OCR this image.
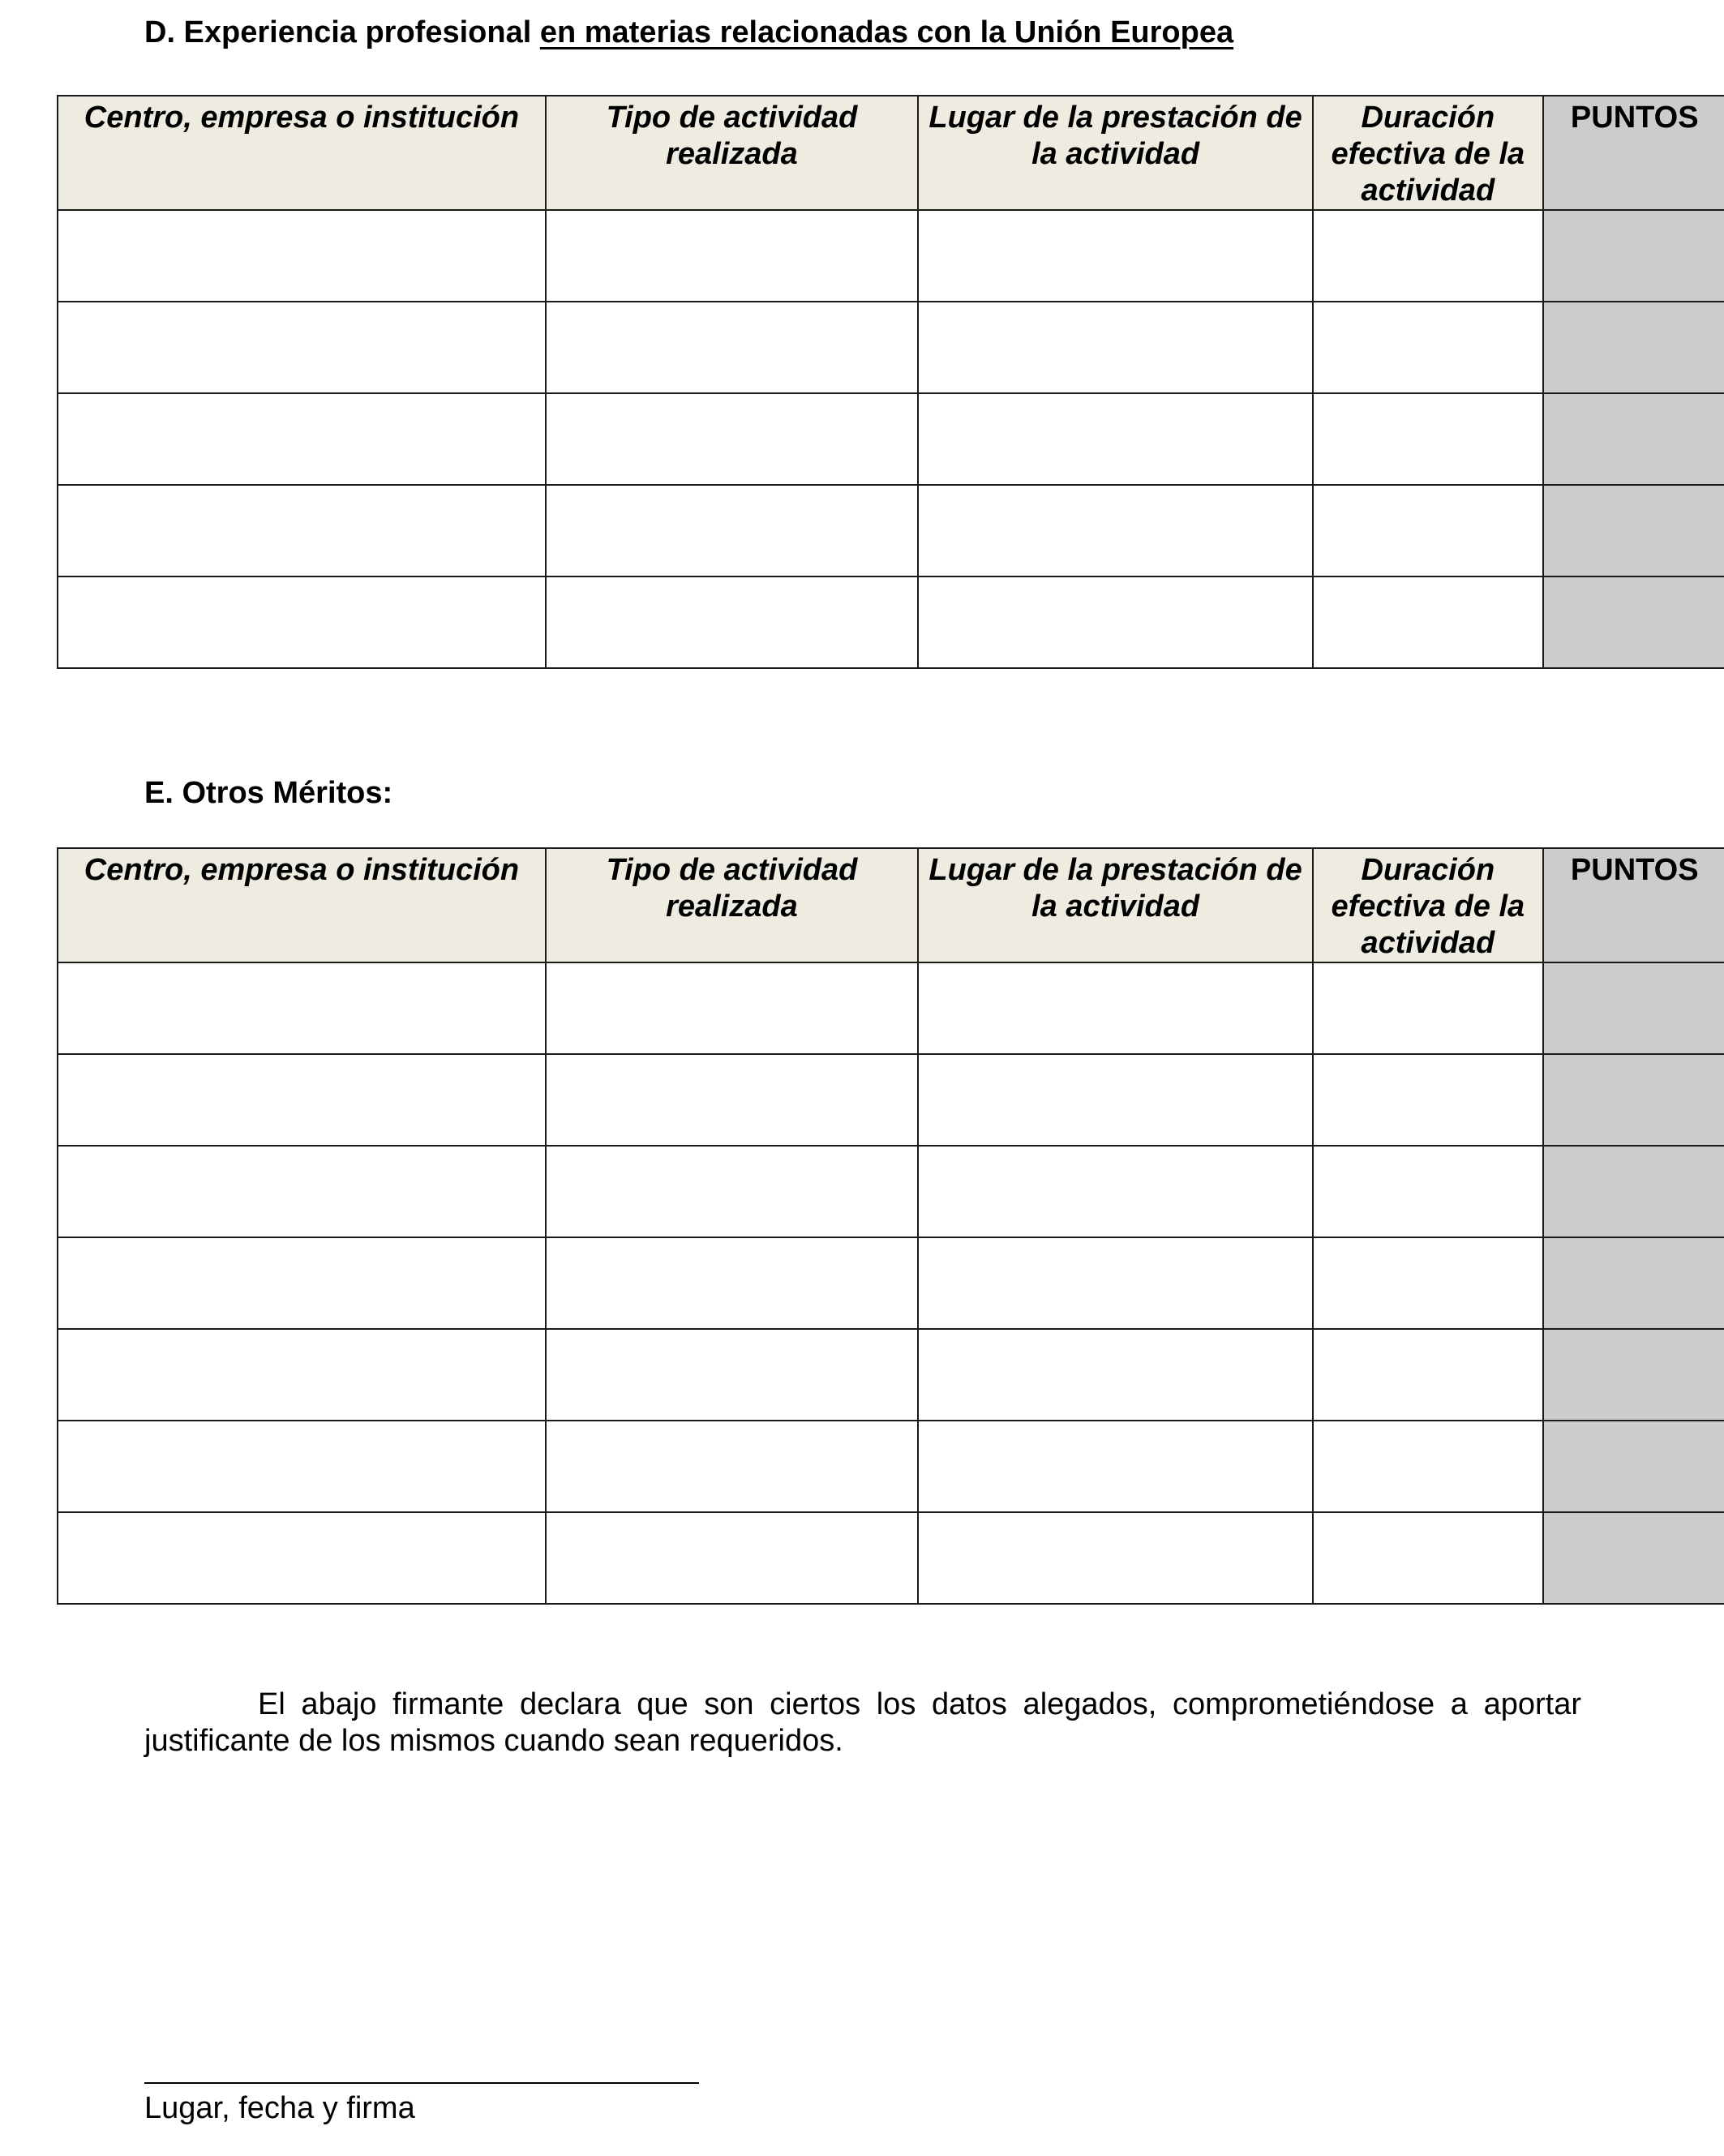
D. Experiencia profesional en materias relacionadas con la Unión Europea
Centro, empresa o institución	Tipo de actividad realizada	Lugar de la prestación de la actividad	Duración efectiva de la actividad	PUNTOS

E. Otros Méritos:
Centro, empresa o institución	Tipo de actividad realizada	Lugar de la prestación de la actividad	Duración efectiva de la actividad	PUNTOS

El abajo firmante declara que son ciertos los datos alegados, comprometiéndose a aportar justificante de los mismos cuando sean requeridos.
Lugar, fecha y firma
